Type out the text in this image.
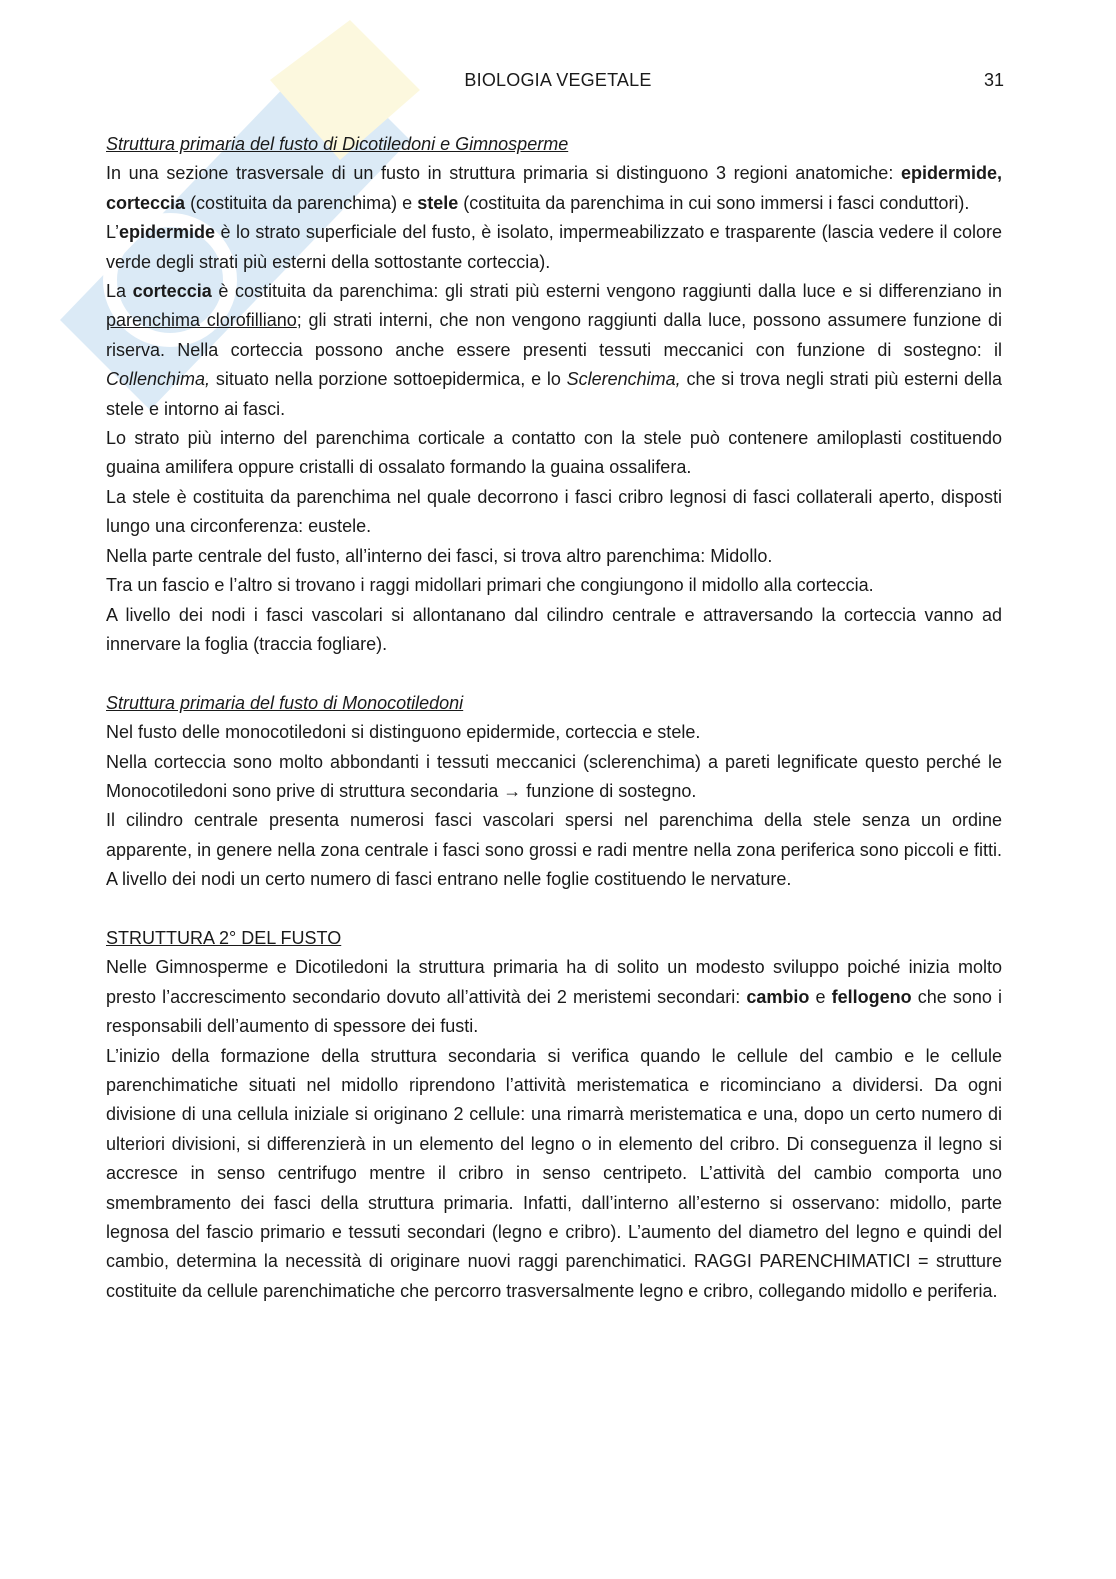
BIOLOGIA VEGETALE	31

Struttura primaria del fusto di Dicotiledoni e Gimnosperme

In una sezione trasversale di un fusto in struttura primaria si distinguono 3 regioni anatomiche: epidermide, corteccia (costituita da parenchima) e stele (costituita da parenchima in cui sono immersi i fasci conduttori).

L’epidermide è lo strato superficiale del fusto, è isolato, impermeabilizzato e trasparente (lascia vedere il colore verde degli strati più esterni della sottostante corteccia).

La corteccia è costituita da parenchima: gli strati più esterni vengono raggiunti dalla luce e si differenziano in parenchima clorofilliano; gli strati interni, che non vengono raggiunti dalla luce, possono assumere funzione di riserva. Nella corteccia possono anche essere presenti tessuti meccanici con funzione di sostegno: il Collenchima, situato nella porzione sottoepidermica, e lo Sclerenchima, che si trova negli strati più esterni della stele e intorno ai fasci.

Lo strato più interno del parenchima corticale a contatto con la stele può contenere amiloplasti costituendo guaina amilifera oppure cristalli di ossalato formando la guaina ossalifera.

La stele è costituita da parenchima nel quale decorrono i fasci cribro legnosi di fasci collaterali aperto, disposti lungo una circonferenza: eustele.

Nella parte centrale del fusto, all’interno dei fasci, si trova altro parenchima: Midollo.

Tra un fascio e l’altro si trovano i raggi midollari primari che congiungono il midollo alla corteccia.

A livello dei nodi i fasci vascolari si allontanano dal cilindro centrale e attraversando la corteccia vanno ad innervare la foglia (traccia fogliare).

Struttura primaria del fusto di Monocotiledoni

Nel fusto delle monocotiledoni si distinguono epidermide, corteccia e stele.

Nella corteccia sono molto abbondanti i tessuti meccanici (sclerenchima) a pareti legnificate questo perché le Monocotiledoni sono prive di struttura secondaria → funzione di sostegno.

Il cilindro centrale presenta numerosi fasci vascolari spersi nel parenchima della stele senza un ordine apparente, in genere nella zona centrale i fasci sono grossi e radi mentre nella zona periferica sono piccoli e fitti. A livello dei nodi un certo numero di fasci entrano nelle foglie costituendo le nervature.

STRUTTURA 2° DEL FUSTO

Nelle Gimnosperme e Dicotiledoni la struttura primaria ha di solito un modesto sviluppo poiché inizia molto presto l’accrescimento secondario dovuto all’attività dei 2 meristemi secondari: cambio e fellogeno che sono i responsabili dell’aumento di spessore dei fusti.

L’inizio della formazione della struttura secondaria si verifica quando le cellule del cambio e le cellule parenchimatiche situati nel midollo riprendono l’attività meristematica e ricominciano a dividersi. Da ogni divisione di una cellula iniziale si originano 2 cellule: una rimarrà meristematica e una, dopo un certo numero di ulteriori divisioni, si differenzierà in un elemento del legno o in elemento del cribro. Di conseguenza il legno si accresce in senso centrifugo mentre il cribro in senso centripeto. L’attività del cambio comporta uno smembramento dei fasci della struttura primaria. Infatti, dall’interno all’esterno si osservano: midollo, parte legnosa del fascio primario e tessuti secondari (legno e cribro). L’aumento del diametro del legno e quindi del cambio, determina la necessità di originare nuovi raggi parenchimatici. RAGGI PARENCHIMATICI = strutture costituite da cellule parenchimatiche che percorro trasversalmente legno e cribro, collegando midollo e periferia.
